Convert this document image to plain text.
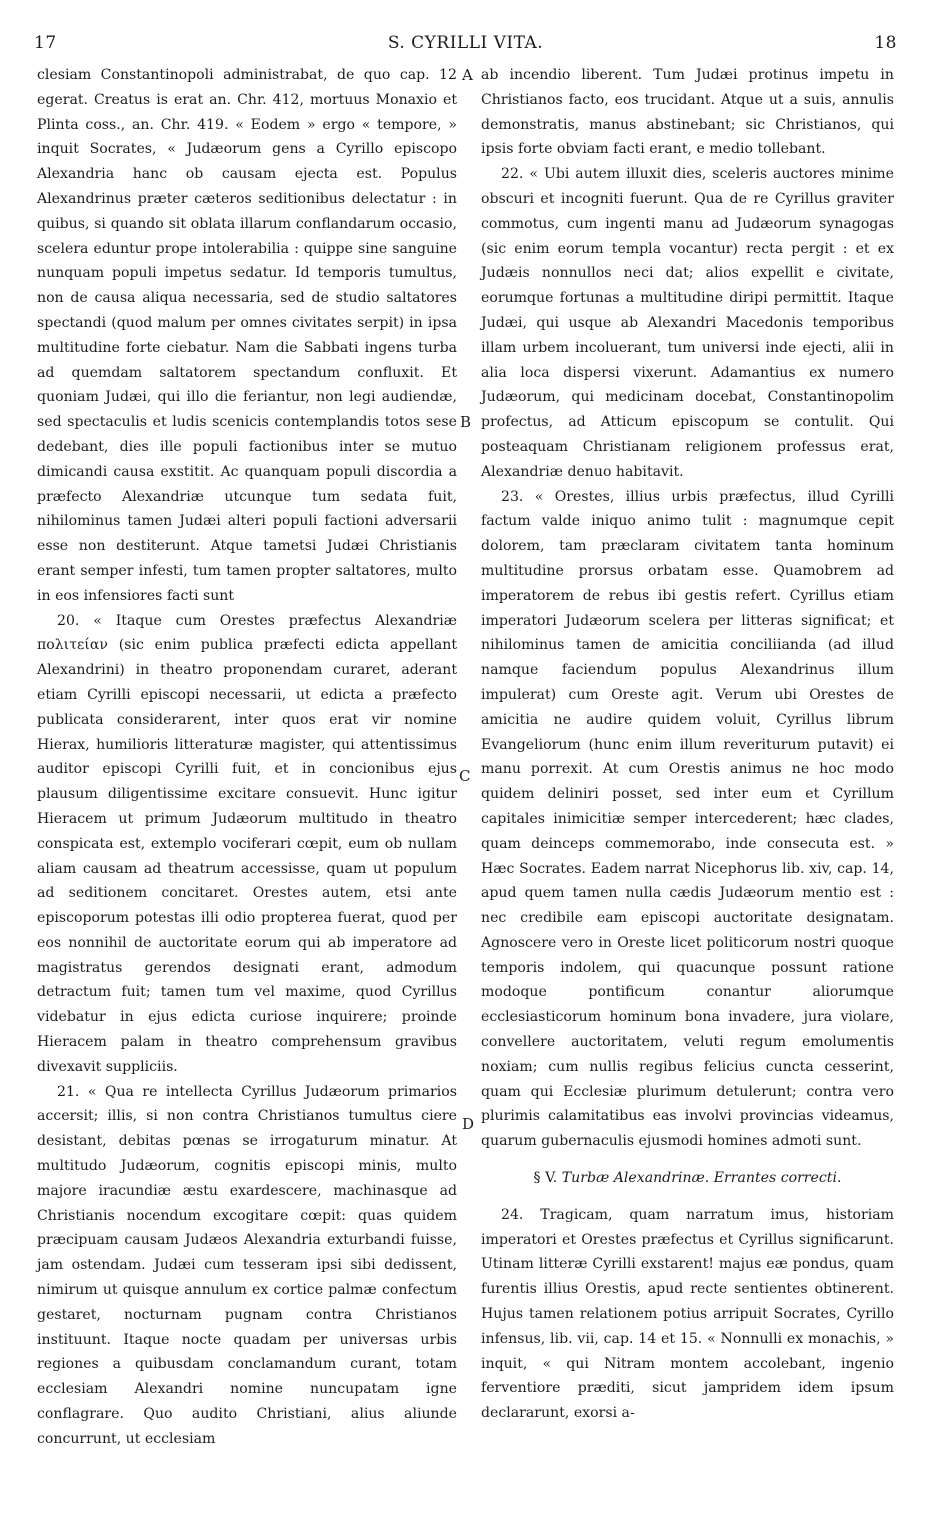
17	S. CYRILLI VITA.	18
A
B
C
D

clesiam Constantinopoli administrabat, de quo cap. 12 egerat. Creatus is erat an. Chr. 412, mortuus Monaxio et Plinta coss., an. Chr. 419. « Eodem » ergo « tempore, » inquit Socrates, « Judæorum gens a Cyrillo episcopo Alexandria hanc ob causam ejecta est. Populus Alexandrinus præter cæteros seditionibus delectatur : in quibus, si quando sit oblata illarum conflandarum occasio, scelera eduntur prope intolerabilia : quippe sine sanguine nunquam populi impetus sedatur. Id temporis tumultus, non de causa aliqua necessaria, sed de studio saltatores spectandi (quod malum per omnes civitates serpit) in ipsa multitudine forte ciebatur. Nam die Sabbati ingens turba ad quemdam saltatorem spectandum confluxit. Et quoniam Judæi, qui illo die feriantur, non legi audiendæ, sed spectaculis et ludis scenicis contemplandis totos sese dedebant, dies ille populi factionibus inter se mutuo dimicandi causa exstitit. Ac quanquam populi discordia a præfecto Alexandriæ utcunque tum sedata fuit, nihilominus tamen Judæi alteri populi factioni adversarii esse non destiterunt. Atque tametsi Judæi Christianis erant semper infesti, tum tamen propter saltatores, multo in eos infensiores facti sunt

20. « Itaque cum Orestes præfectus Alexandriæ πολιτείαν (sic enim publica præfecti edicta appellant Alexandrini) in theatro proponendam curaret, aderant etiam Cyrilli episcopi necessarii, ut edicta a præfecto publicata considerarent, inter quos erat vir nomine Hierax, humilioris litteraturæ magister, qui attentissimus auditor episcopi Cyrilli fuit, et in concionibus ejus plausum diligentissime excitare consuevit. Hunc igitur Hieracem ut primum Judæorum multitudo in theatro conspicata est, extemplo vociferari cœpit, eum ob nullam aliam causam ad theatrum accessisse, quam ut populum ad seditionem concitaret. Orestes autem, etsi ante episcoporum potestas illi odio propterea fuerat, quod per eos nonnihil de auctoritate eorum qui ab imperatore ad magistratus gerendos designati erant, admodum detractum fuit; tamen tum vel maxime, quod Cyrillus videbatur in ejus edicta curiose inquirere; proinde Hieracem palam in theatro comprehensum gravibus divexavit suppliciis.

21. « Qua re intellecta Cyrillus Judæorum primarios accersit; illis, si non contra Christianos tumultus ciere desistant, debitas pœnas se irrogaturum minatur. At multitudo Judæorum, cognitis episcopi minis, multo majore iracundiæ æstu exardescere, machinasque ad Christianis nocendum excogitare cœpit: quas quidem præcipuam causam Judæos Alexandria exturbandi fuisse, jam ostendam. Judæi cum tesseram ipsi sibi dedissent, nimirum ut quisque annulum ex cortice palmæ confectum gestaret, nocturnam pugnam contra Christianos instituunt. Itaque nocte quadam per universas urbis regiones a quibusdam conclamandum curant, totam ecclesiam Alexandri nomine nuncupatam igne conflagrare. Quo audito Christiani, alius aliunde concurrunt, ut ecclesiam

ab incendio liberent. Tum Judæi protinus impetu in Christianos facto, eos trucidant. Atque ut a suis, annulis demonstratis, manus abstinebant; sic Christianos, qui ipsis forte obviam facti erant, e medio tollebant.

22. « Ubi autem illuxit dies, sceleris auctores minime obscuri et incogniti fuerunt. Qua de re Cyrillus graviter commotus, cum ingenti manu ad Judæorum synagogas (sic enim eorum templa vocantur) recta pergit : et ex Judæis nonnullos neci dat; alios expellit e civitate, eorumque fortunas a multitudine diripi permittit. Itaque Judæi, qui usque ab Alexandri Macedonis temporibus illam urbem incoluerant, tum universi inde ejecti, alii in alia loca dispersi vixerunt. Adamantius ex numero Judæorum, qui medicinam docebat, Constantinopolim profectus, ad Atticum episcopum se contulit. Qui posteaquam Christianam religionem professus erat, Alexandriæ denuo habitavit.

23. « Orestes, illius urbis præfectus, illud Cyrilli factum valde iniquo animo tulit : magnumque cepit dolorem, tam præclaram civitatem tanta hominum multitudine prorsus orbatam esse. Quamobrem ad imperatorem de rebus ibi gestis refert. Cyrillus etiam imperatori Judæorum scelera per litteras significat; et nihilominus tamen de amicitia conciliianda (ad illud namque faciendum populus Alexandrinus illum impulerat) cum Oreste agit. Verum ubi Orestes de amicitia ne audire quidem voluit, Cyrillus librum Evangeliorum (hunc enim illum reveriturum putavit) ei manu porrexit. At cum Orestis animus ne hoc modo quidem deliniri posset, sed inter eum et Cyrillum capitales inimicitiæ semper intercederent; hæc clades, quam deinceps commemorabo, inde consecuta est. » Hæc Socrates. Eadem narrat Nicephorus lib. xiv, cap. 14, apud quem tamen nulla cædis Judæorum mentio est : nec credibile eam episcopi auctoritate designatam. Agnoscere vero in Oreste licet politicorum nostri quoque temporis indolem, qui quacunque possunt ratione modoque pontificum conantur aliorumque ecclesiasticorum hominum bona invadere, jura violare, convellere auctoritatem, veluti regum emolumentis noxiam; cum nullis regibus felicius cuncta cesserint, quam qui Ecclesiæ plurimum detulerunt; contra vero plurimis calamitatibus eas involvi provincias videamus, quarum gubernaculis ejusmodi homines admoti sunt.

§ V. Turbæ Alexandrinæ. Errantes correcti.

24. Tragicam, quam narratum imus, historiam imperatori et Orestes præfectus et Cyrillus significarunt. Utinam litteræ Cyrilli exstarent! majus eæ pondus, quam furentis illius Orestis, apud recte sentientes obtinerent. Hujus tamen relationem potius arripuit Socrates, Cyrillo infensus, lib. vii, cap. 14 et 15. « Nonnulli ex monachis, » inquit, « qui Nitram montem accolebant, ingenio ferventiore præditi, sicut jampridem idem ipsum declararunt, exorsi a-
